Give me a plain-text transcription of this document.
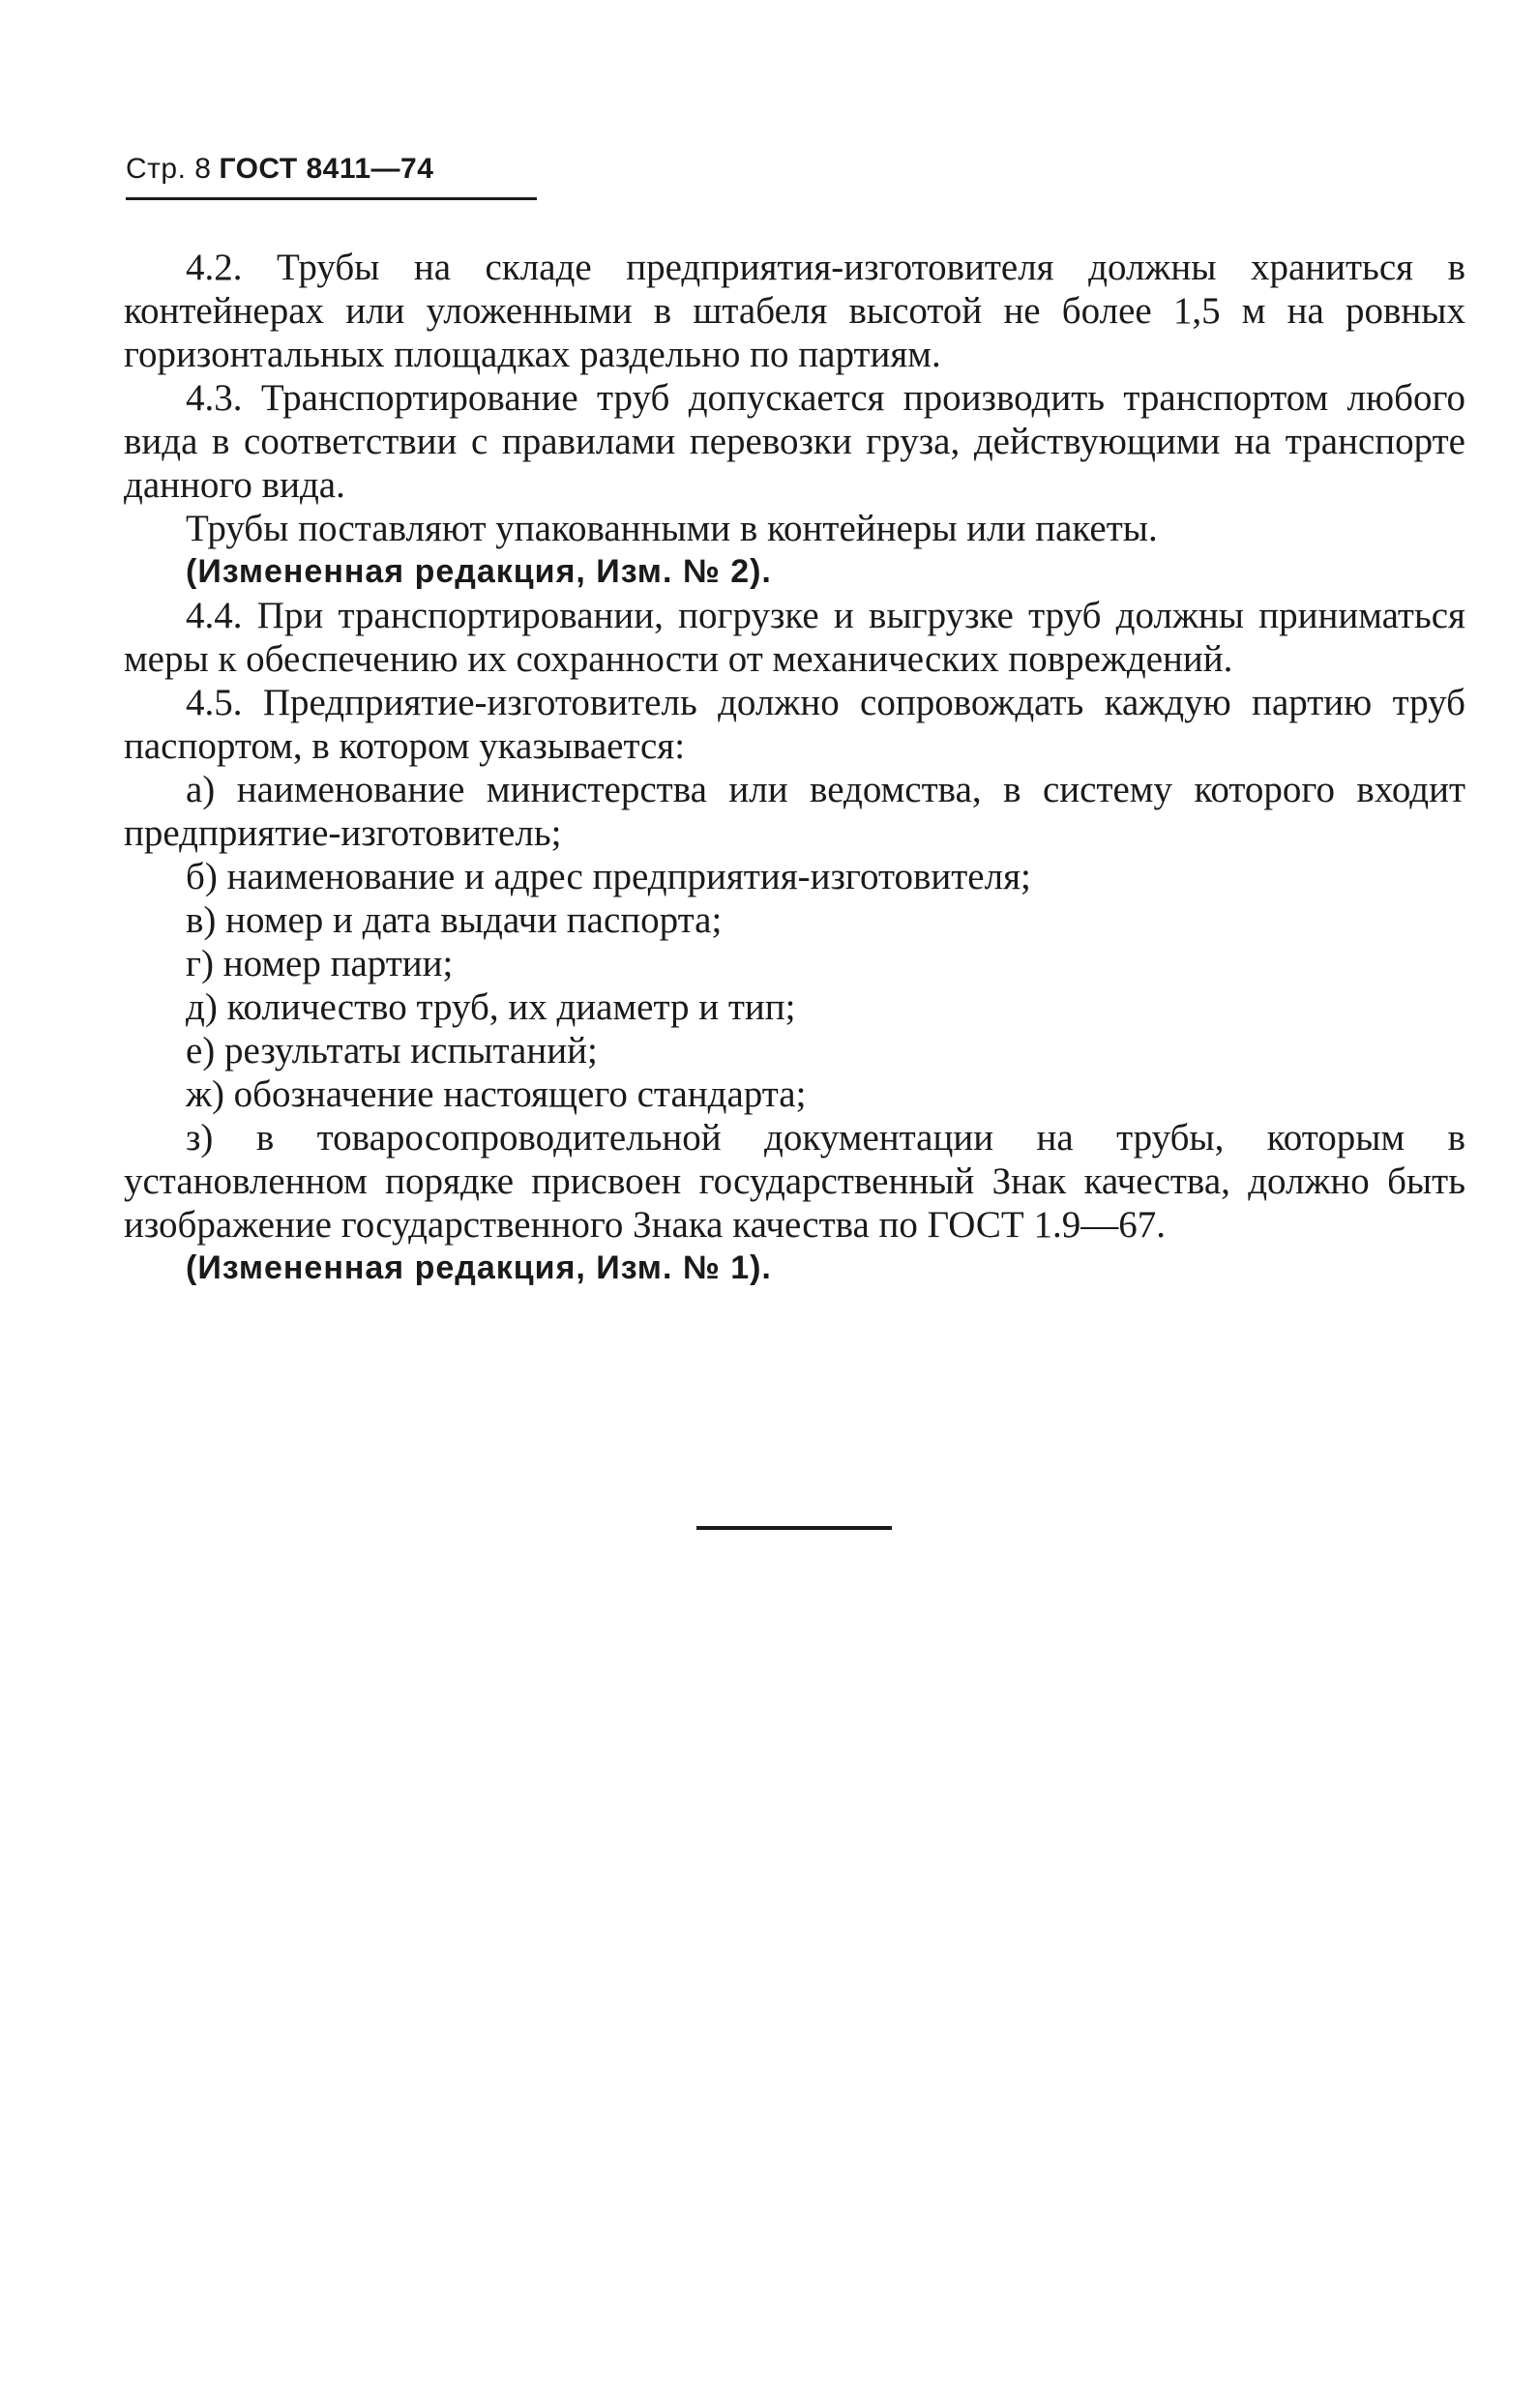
Стр. 8 ГОСТ 8411—74

4.2. Трубы на складе предприятия-изготовителя должны храниться в контейнерах или уложенными в штабеля высотой не более 1,5 м на ровных горизонтальных площадках раздельно по партиям.

4.3. Транспортирование труб допускается производить транспортом любого вида в соответствии с правилами перевозки груза, действующими на транспорте данного вида.

Трубы поставляют упакованными в контейнеры или пакеты.

(Измененная редакция, Изм. № 2).

4.4. При транспортировании, погрузке и выгрузке труб должны приниматься меры к обеспечению их сохранности от механических повреждений.

4.5. Предприятие-изготовитель должно сопровождать каждую партию труб паспортом, в котором указывается:

а) наименование министерства или ведомства, в систему которого входит предприятие-изготовитель;

б) наименование и адрес предприятия-изготовителя;

в) номер и дата выдачи паспорта;

г) номер партии;

д) количество труб, их диаметр и тип;

е) результаты испытаний;

ж) обозначение настоящего стандарта;

з) в товаросопроводительной документации на трубы, которым в установленном порядке присвоен государственный Знак качества, должно быть изображение государственного Знака качества по ГОСТ 1.9—67.

(Измененная редакция, Изм. № 1).
